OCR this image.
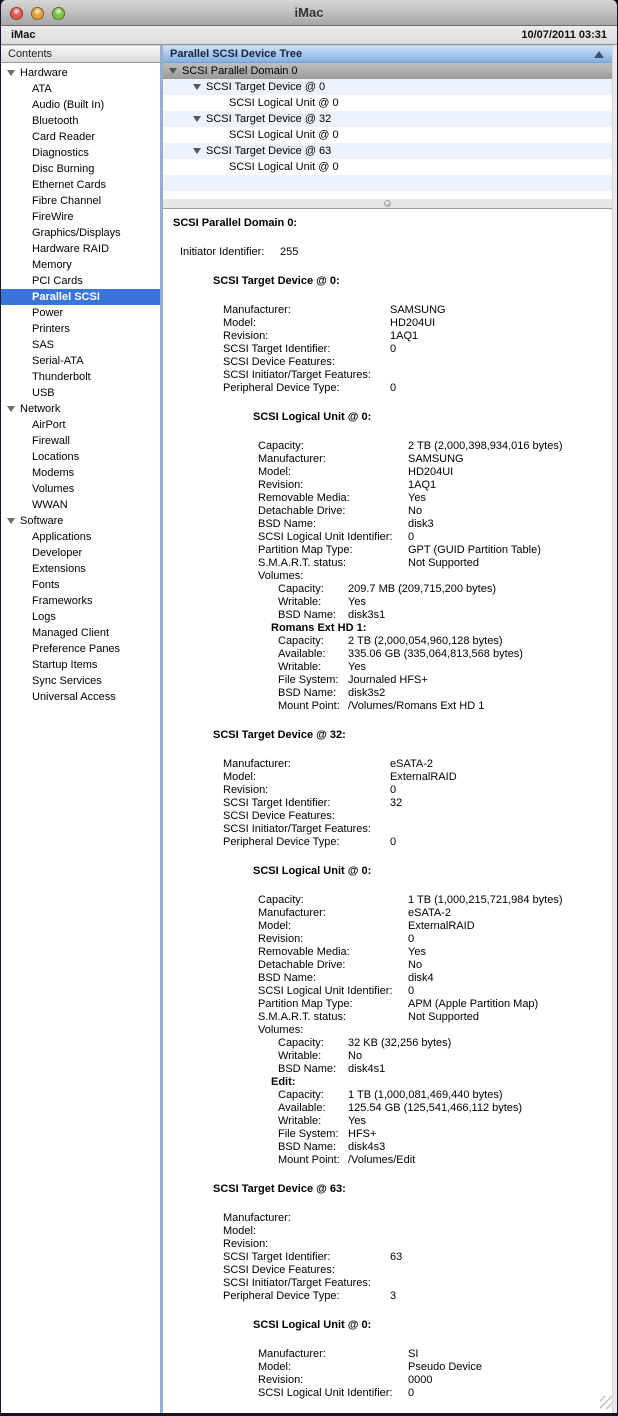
iMac
iMac	10/07/2011 03:31
Contents
Hardware
ATA
Audio (Built In)
Bluetooth
Card Reader
Diagnostics
Disc Burning
Ethernet Cards
Fibre Channel
FireWire
Graphics/Displays
Hardware RAID
Memory
PCI Cards
Parallel SCSI
Power
Printers
SAS
Serial-ATA
Thunderbolt
USB
Network
AirPort
Firewall
Locations
Modems
Volumes
WWAN
Software
Applications
Developer
Extensions
Fonts
Frameworks
Logs
Managed Client
Preference Panes
Startup Items
Sync Services
Universal Access
Parallel SCSI Device Tree
SCSI Parallel Domain 0
SCSI Target Device @ 0
SCSI Logical Unit @ 0
SCSI Target Device @ 32
SCSI Logical Unit @ 0
SCSI Target Device @ 63
SCSI Logical Unit @ 0
SCSI Parallel Domain 0:
Initiator Identifier:	255
SCSI Target Device @ 0:
Manufacturer:	SAMSUNG
Model:	HD204UI
Revision:	1AQ1
SCSI Target Identifier:	0
SCSI Device Features:
SCSI Initiator/Target Features:
Peripheral Device Type:	0
SCSI Logical Unit @ 0:
Capacity:	2 TB (2,000,398,934,016 bytes)
Manufacturer:	SAMSUNG
Model:	HD204UI
Revision:	1AQ1
Removable Media:	Yes
Detachable Drive:	No
BSD Name:	disk3
SCSI Logical Unit Identifier:	0
Partition Map Type:	GPT (GUID Partition Table)
S.M.A.R.T. status:	Not Supported
Volumes:
Capacity:	209.7 MB (209,715,200 bytes)
Writable:	Yes
BSD Name:	disk3s1
Romans Ext HD 1:
Capacity:	2 TB (2,000,054,960,128 bytes)
Available:	335.06 GB (335,064,813,568 bytes)
Writable:	Yes
File System: Journaled HFS+
BSD Name:	disk3s2
Mount Point: /Volumes/Romans Ext HD 1
SCSI Target Device @ 32:
Manufacturer:	eSATA-2
Model:	ExternalRAID
Revision:	0
SCSI Target Identifier:	32
SCSI Device Features:
SCSI Initiator/Target Features:
Peripheral Device Type:	0
SCSI Logical Unit @ 0:
Capacity:	1 TB (1,000,215,721,984 bytes)
Manufacturer:	eSATA-2
Model:	ExternalRAID
Revision:	0
Removable Media:	Yes
Detachable Drive:	No
BSD Name:	disk4
SCSI Logical Unit Identifier:	0
Partition Map Type:	APM (Apple Partition Map)
S.M.A.R.T. status:	Not Supported
Volumes:
Capacity:	32 KB (32,256 bytes)
Writable:	No
BSD Name:	disk4s1
Edit:
Capacity:	1 TB (1,000,081,469,440 bytes)
Available:	125.54 GB (125,541,466,112 bytes)
Writable:	Yes
File System: HFS+
BSD Name:	disk4s3
Mount Point: /Volumes/Edit
SCSI Target Device @ 63:
Manufacturer:
Model:
Revision:
SCSI Target Identifier:	63
SCSI Device Features:
SCSI Initiator/Target Features:
Peripheral Device Type:	3
SCSI Logical Unit @ 0:
Manufacturer:	SI
Model:	Pseudo Device
Revision:	0000
SCSI Logical Unit Identifier:	0
